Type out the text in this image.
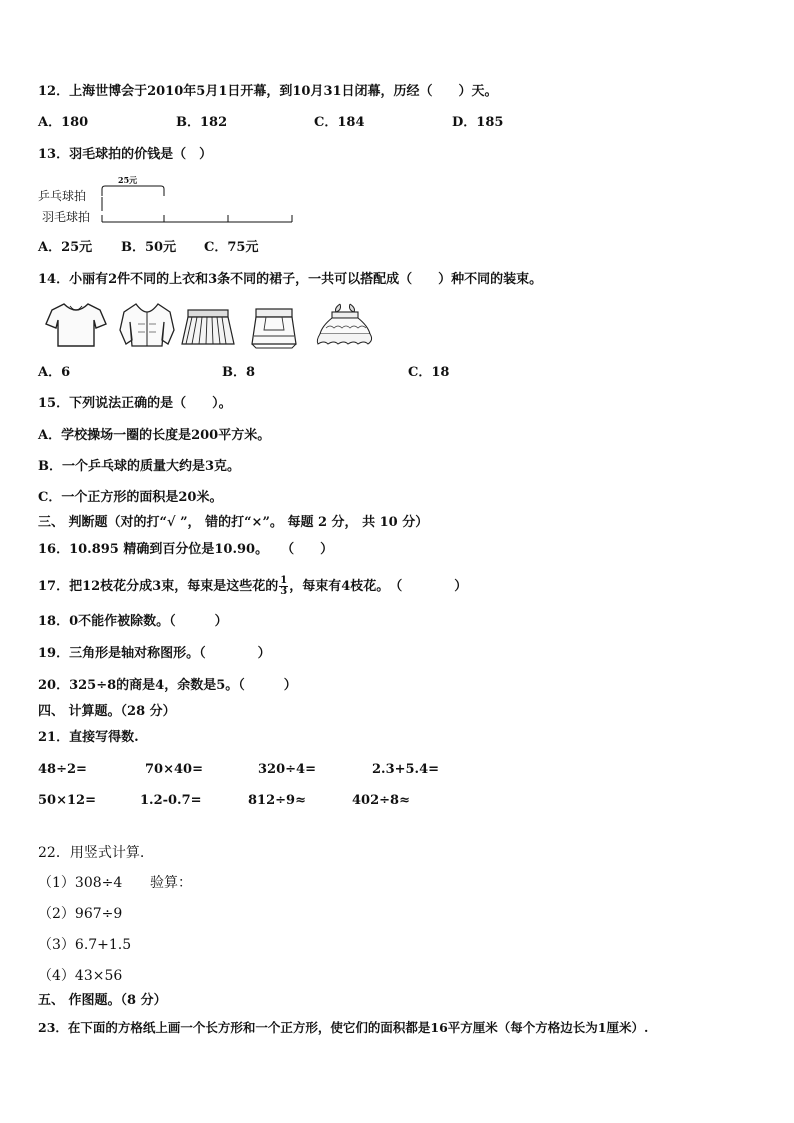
12．上海世博会于2010年5月1日开幕，到10月31日闭幕，历经（　　）天。
A．180	B．182	C．184	D．185
13．羽毛球拍的价钱是（　）
乒乓球拍
羽毛球拍
25元
A．25元 B．50元 C．75元
14．小丽有2件不同的上衣和3条不同的裙子，一共可以搭配成（　　）种不同的装束。
A．6	B．8	C．18
15．下列说法正确的是（　　）。
A．学校操场一圈的长度是200平方米。
B．一个乒乓球的质量大约是3克。
C．一个正方形的面积是20米。
三、 判断题（对的打“√ ”， 错的打“×”。 每题 2 分， 共 10 分）
16．10.895 精确到百分位是10.90。　　（　　）
17．把12枝花分成3束，每束是这些花的 $\frac{1}{3}$ ，每束有4枝花。　（　　　　）
18．0不能作被除数。（　　　）
19．三角形是轴对称图形。（　　　　）
20．325÷8的商是4，余数是5。（　　　）
四、 计算题。（28 分）
21．直接写得数.
48÷2=	70×40=	320÷4=	2.3+5.4=
50×12=	1.2-0.7=	812÷9≈	402÷8≈
22．用竖式计算.
（1）308÷4 验算：
（2）967÷9
（3）6.7+1.5
（4）43×56
五、 作图题。（8 分）
23．在下面的方格纸上画一个长方形和一个正方形，使它们的面积都是16平方厘米（每个方格边长为1厘米）.
